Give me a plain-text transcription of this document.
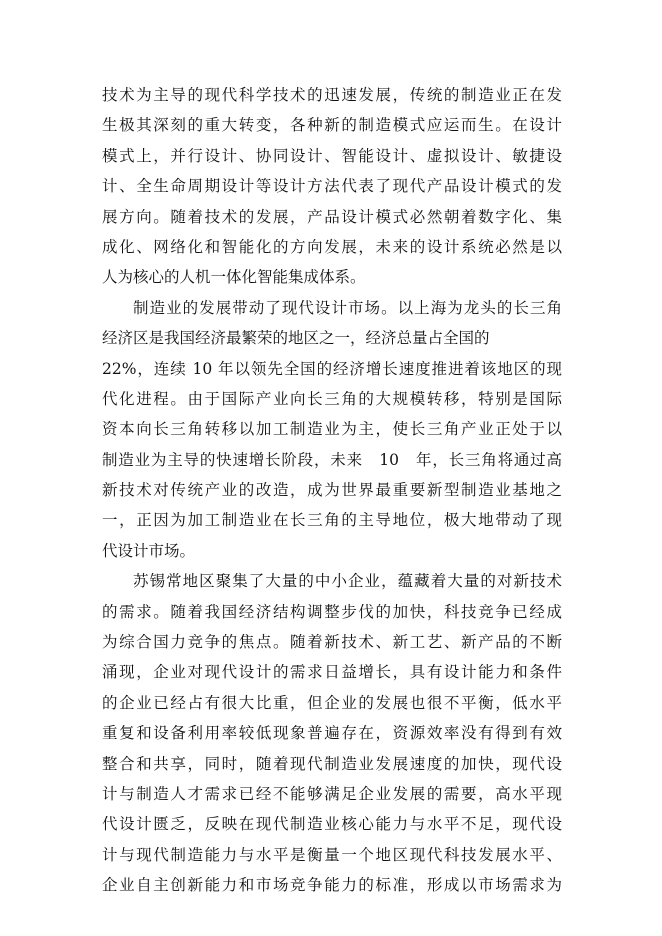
技术为主导的现代科学技术的迅速发展，传统的制造业正在发
生极其深刻的重大转变，各种新的制造模式应运而生。在设计
模式上，并行设计、协同设计、智能设计、虚拟设计、敏捷设
计、全生命周期设计等设计方法代表了现代产品设计模式的发
展方向。随着技术的发展，产品设计模式必然朝着数字化、集
成化、网络化和智能化的方向发展，未来的设计系统必然是以
人为核心的人机一体化智能集成体系。
制造业的发展带动了现代设计市场。以上海为龙头的长三角
经济区是我国经济最繁荣的地区之一，经济总量占全国的
22%，连续 10 年以领先全国的经济增长速度推进着该地区的现
代化进程。由于国际产业向长三角的大规模转移，特别是国际
资本向长三角转移以加工制造业为主，使长三角产业正处于以
制造业为主导的快速增长阶段，未来　10　年，长三角将通过高
新技术对传统产业的改造，成为世界最重要新型制造业基地之
一，正因为加工制造业在长三角的主导地位，极大地带动了现
代设计市场。
苏锡常地区聚集了大量的中小企业，蕴藏着大量的对新技术
的需求。随着我国经济结构调整步伐的加快，科技竞争已经成
为综合国力竞争的焦点。随着新技术、新工艺、新产品的不断
涌现，企业对现代设计的需求日益增长，具有设计能力和条件
的企业已经占有很大比重，但企业的发展也很不平衡，低水平
重复和设备利用率较低现象普遍存在，资源效率没有得到有效
整合和共享，同时，随着现代制造业发展速度的加快，现代设
计与制造人才需求已经不能够满足企业发展的需要，高水平现
代设计匮乏，反映在现代制造业核心能力与水平不足，现代设
计与现代制造能力与水平是衡量一个地区现代科技发展水平、
企业自主创新能力和市场竞争能力的标准，形成以市场需求为
